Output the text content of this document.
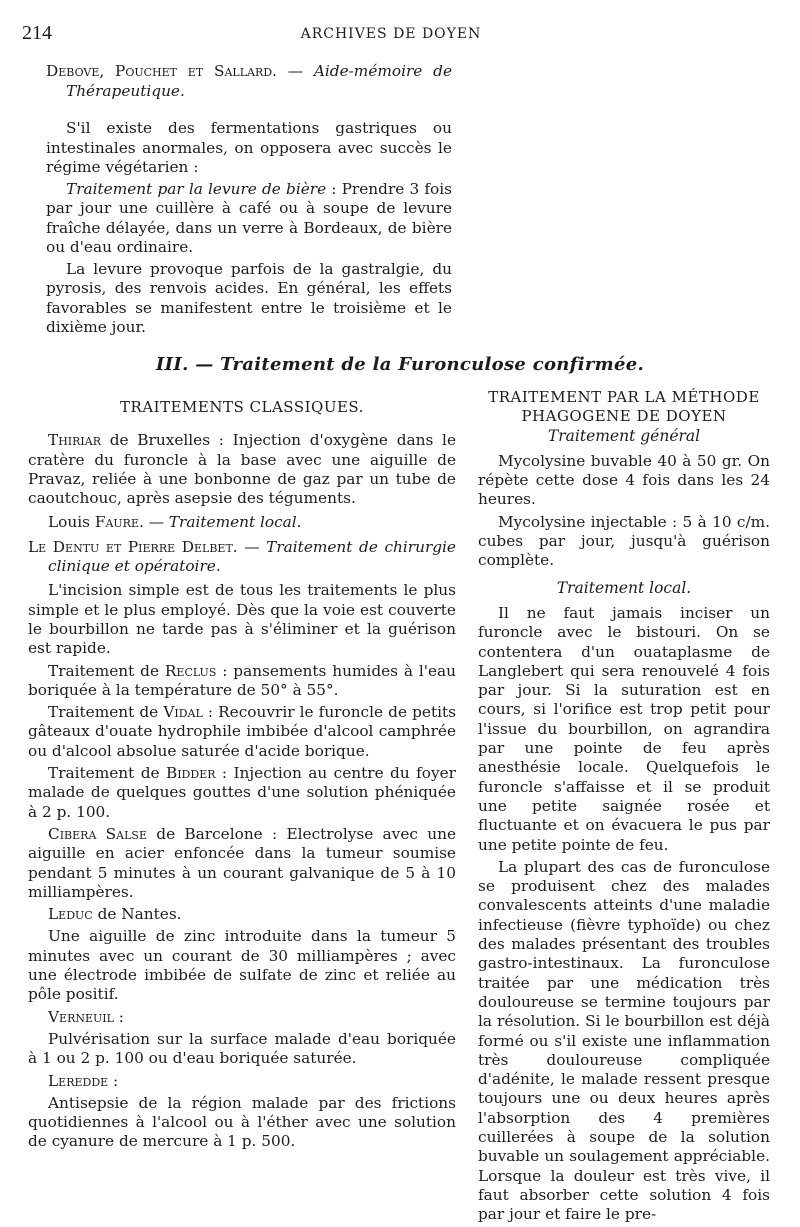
214	ARCHIVES DE DOYEN

Debove, Pouchet et Sallard. — Aide-mémoire de Thérapeutique.

S'il existe des fermentations gastriques ou intestinales anormales, on opposera avec succès le régime végétarien :

Traitement par la levure de bière : Prendre 3 fois par jour une cuillère à café ou à soupe de levure fraîche délayée, dans un verre à Bordeaux, de bière ou d'eau ordinaire.

La levure provoque parfois de la gastralgie, du pyrosis, des renvois acides. En général, les effets favorables se manifestent entre le troisième et le dixième jour.

III. — Traitement de la Furonculose confirmée.

TRAITEMENTS CLASSIQUES.

Thiriar de Bruxelles : Injection d'oxygène dans le cratère du furoncle à la base avec une aiguille de Pravaz, reliée à une bonbonne de gaz par un tube de caoutchouc, après asepsie des téguments.

Louis Faure. — Traitement local.

Le Dentu et Pierre Delbet. — Traitement de chirurgie clinique et opératoire.

L'incision simple est de tous les traitements le plus simple et le plus employé. Dès que la voie est couverte le bourbillon ne tarde pas à s'éliminer et la guérison est rapide.

Traitement de Reclus : pansements humides à l'eau boriquée à la température de 50° à 55°.

Traitement de Vidal : Recouvrir le furoncle de petits gâteaux d'ouate hydrophile imbibée d'alcool camphrée ou d'alcool absolue saturée d'acide borique.

Traitement de Bidder : Injection au centre du foyer malade de quelques gouttes d'une solution phéniquée à 2 p. 100.

Cibera Salse de Barcelone : Electrolyse avec une aiguille en acier enfoncée dans la tumeur soumise pendant 5 minutes à un courant galvanique de 5 à 10 milliampères.

Leduc de Nantes.

Une aiguille de zinc introduite dans la tumeur 5 minutes avec un courant de 30 milliampères ; avec une électrode imbibée de sulfate de zinc et reliée au pôle positif.

Verneuil :

Pulvérisation sur la surface malade d'eau boriquée à 1 ou 2 p. 100 ou d'eau boriquée saturée.

Leredde :

Antisepsie de la région malade par des frictions quotidiennes à l'alcool ou à l'éther avec une solution de cyanure de mercure à 1 p. 500.

TRAITEMENT PAR LA MÉTHODE

PHAGOGENE DE DOYEN

Traitement général

Mycolysine buvable 40 à 50 gr. On répète cette dose 4 fois dans les 24 heures.

Mycolysine injectable : 5 à 10 c/m. cubes par jour, jusqu'à guérison complète.

Traitement local.

Il ne faut jamais inciser un furoncle avec le bistouri. On se contentera d'un ouataplasme de Langlebert qui sera renouvelé 4 fois par jour. Si la suturation est en cours, si l'orifice est trop petit pour l'issue du bourbillon, on agrandira par une pointe de feu après anesthésie locale. Quelquefois le furoncle s'affaisse et il se produit une petite saignée rosée et fluctuante et on évacuera le pus par une petite pointe de feu.

La plupart des cas de furonculose se produisent chez des malades convalescents atteints d'une maladie infectieuse (fièvre typhoïde) ou chez des malades présentant des troubles gastro-intestinaux. La furonculose traitée par une médication très douloureuse se termine toujours par la résolution. Si le bourbillon est déjà formé ou s'il existe une inflammation très douloureuse compliquée d'adénite, le malade ressent presque toujours une ou deux heures après l'absorption des 4 premières cuillerées à soupe de la solution buvable un soulagement appréciable. Lorsque la douleur est très vive, il faut absorber cette solution 4 fois par jour et faire le pre-
